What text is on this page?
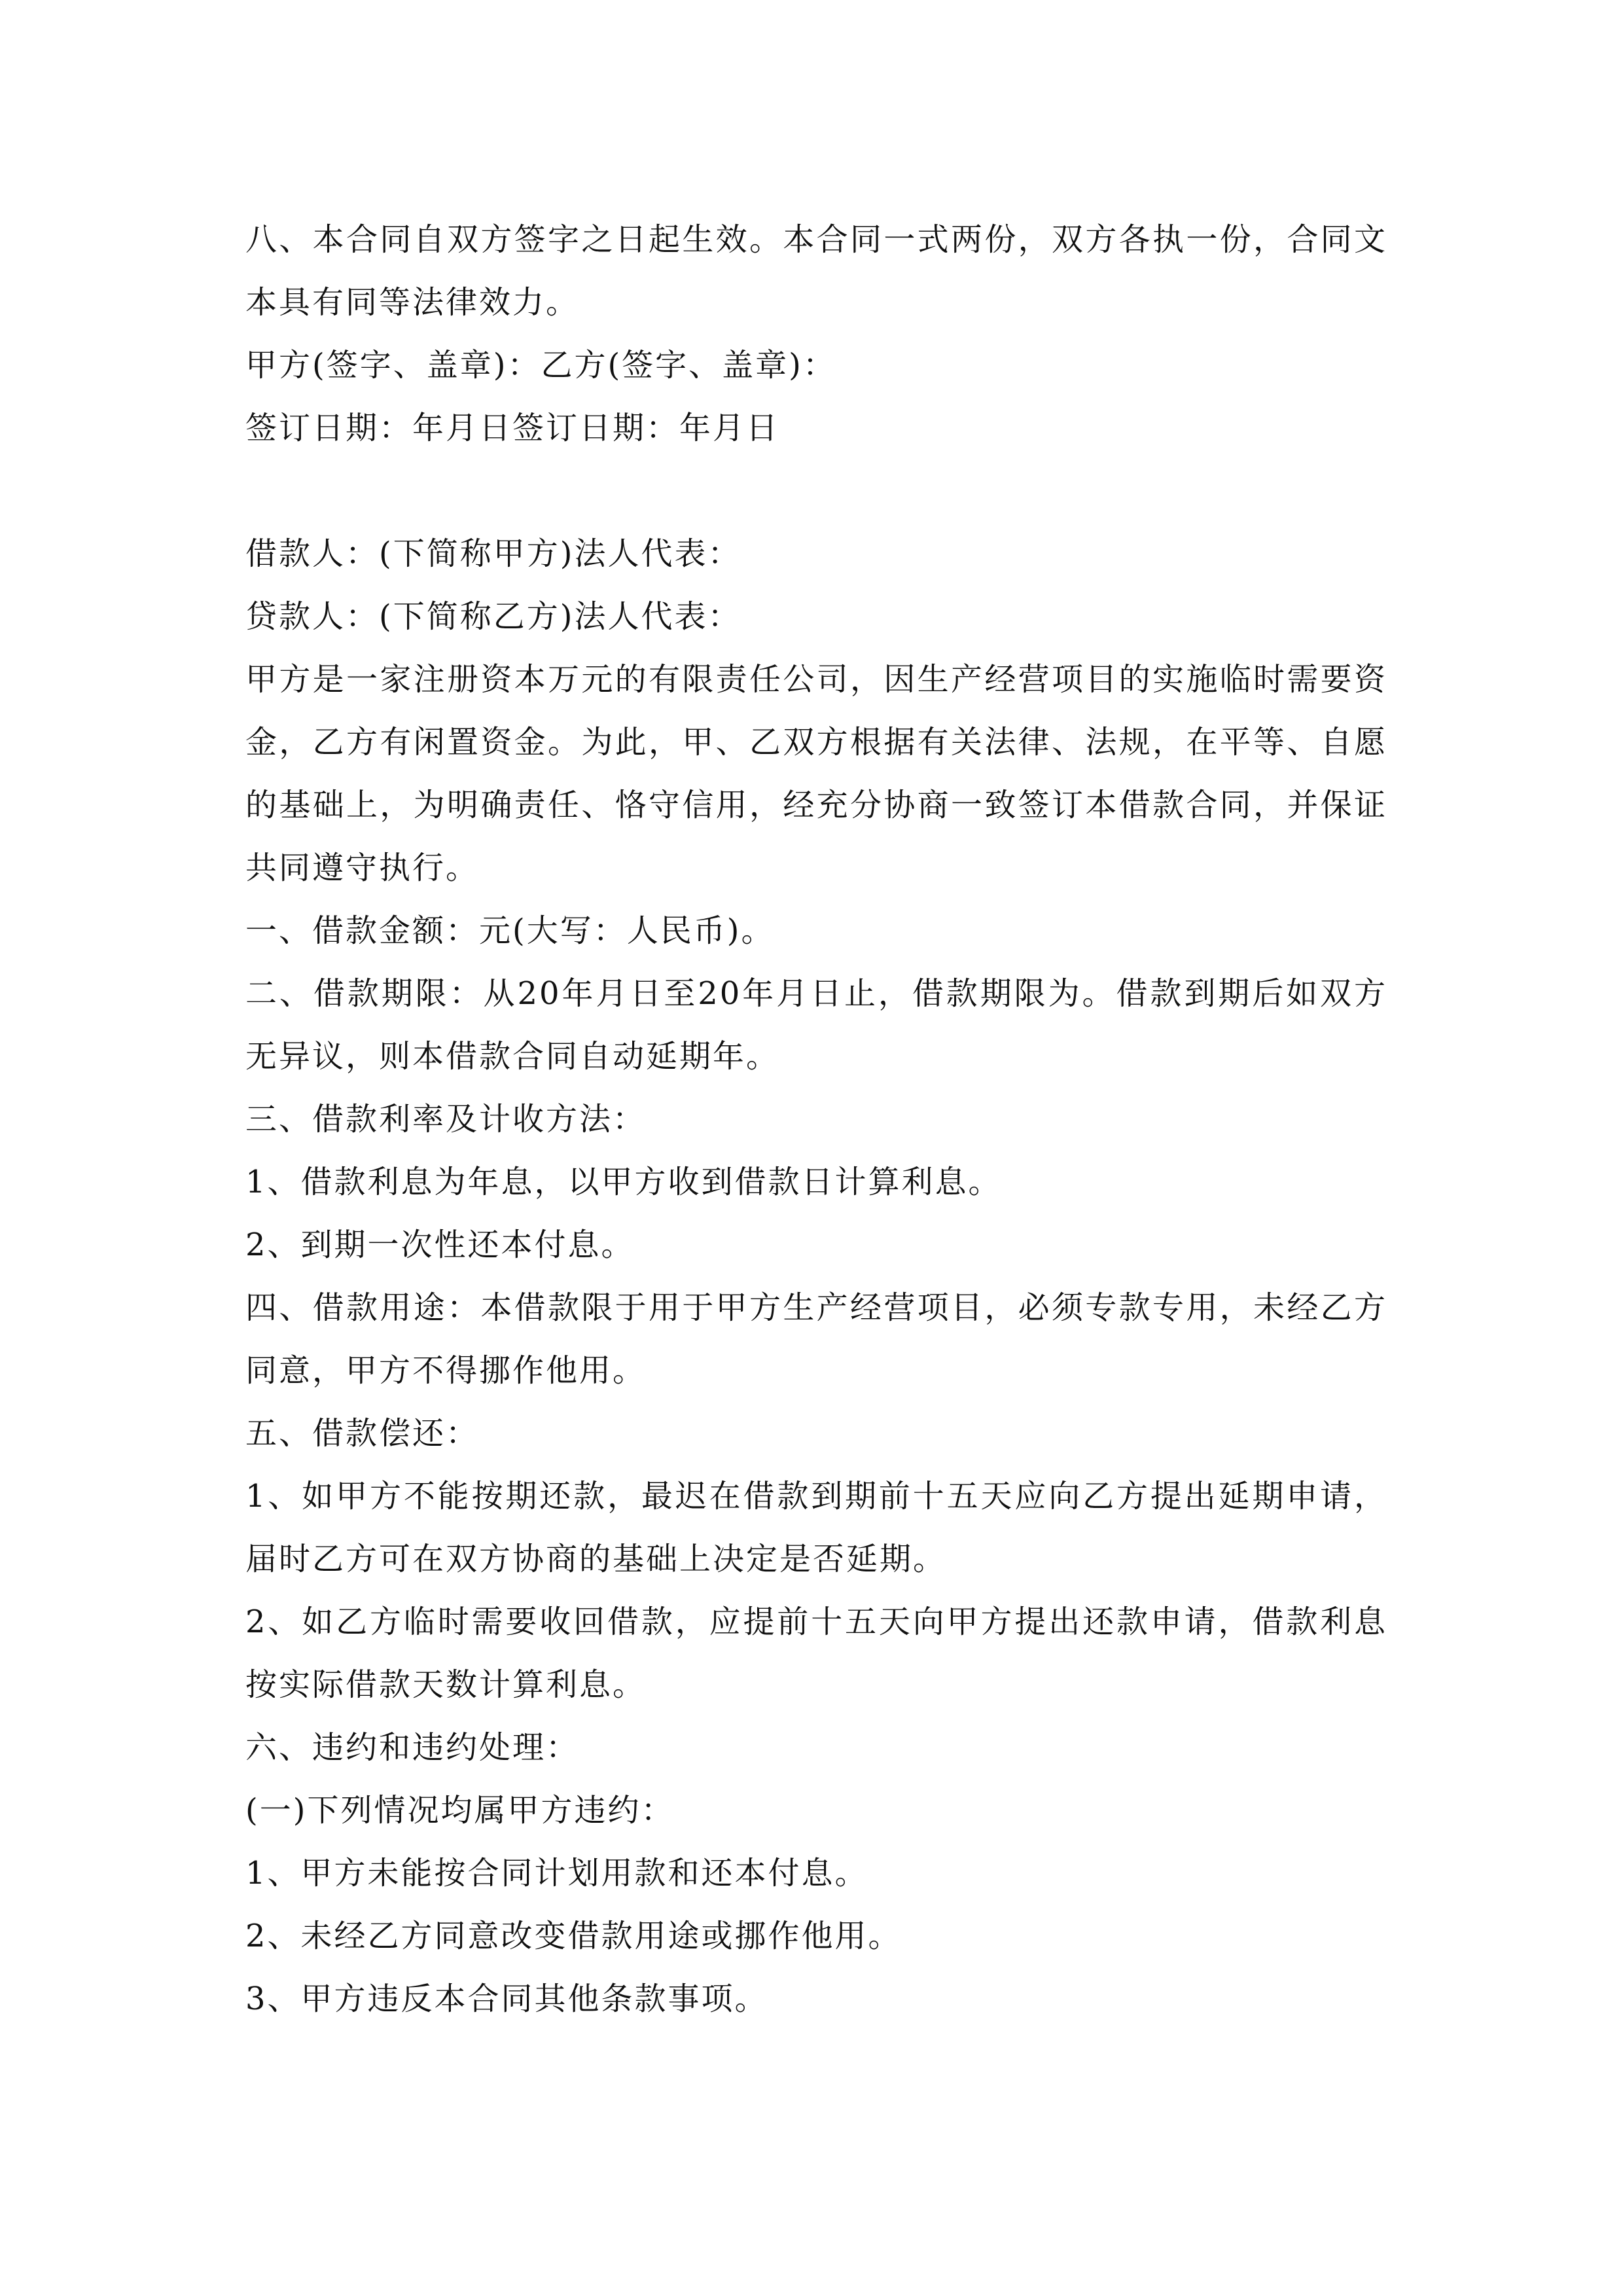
八、本合同自双方签字之日起生效。本合同一式两份，双方各执一份，合同文本具有同等法律效力。

甲方(签字、盖章)：乙方(签字、盖章)：

签订日期：年月日签订日期：年月日

借款人：(下简称甲方)法人代表：

贷款人：(下简称乙方)法人代表：

甲方是一家注册资本万元的有限责任公司，因生产经营项目的实施临时需要资金，乙方有闲置资金。为此，甲、乙双方根据有关法律、法规，在平等、自愿的基础上，为明确责任、恪守信用，经充分协商一致签订本借款合同，并保证共同遵守执行。

一、借款金额：元(大写：人民币)。

二、借款期限：从20年月日至20年月日止，借款期限为。借款到期后如双方无异议，则本借款合同自动延期年。

三、借款利率及计收方法：

1、借款利息为年息，以甲方收到借款日计算利息。

2、到期一次性还本付息。

四、借款用途：本借款限于用于甲方生产经营项目，必须专款专用，未经乙方同意，甲方不得挪作他用。

五、借款偿还：

1、如甲方不能按期还款，最迟在借款到期前十五天应向乙方提出延期申请，届时乙方可在双方协商的基础上决定是否延期。

2、如乙方临时需要收回借款，应提前十五天向甲方提出还款申请，借款利息按实际借款天数计算利息。

六、违约和违约处理：

(一)下列情况均属甲方违约：

1、甲方未能按合同计划用款和还本付息。

2、未经乙方同意改变借款用途或挪作他用。

3、甲方违反本合同其他条款事项。
